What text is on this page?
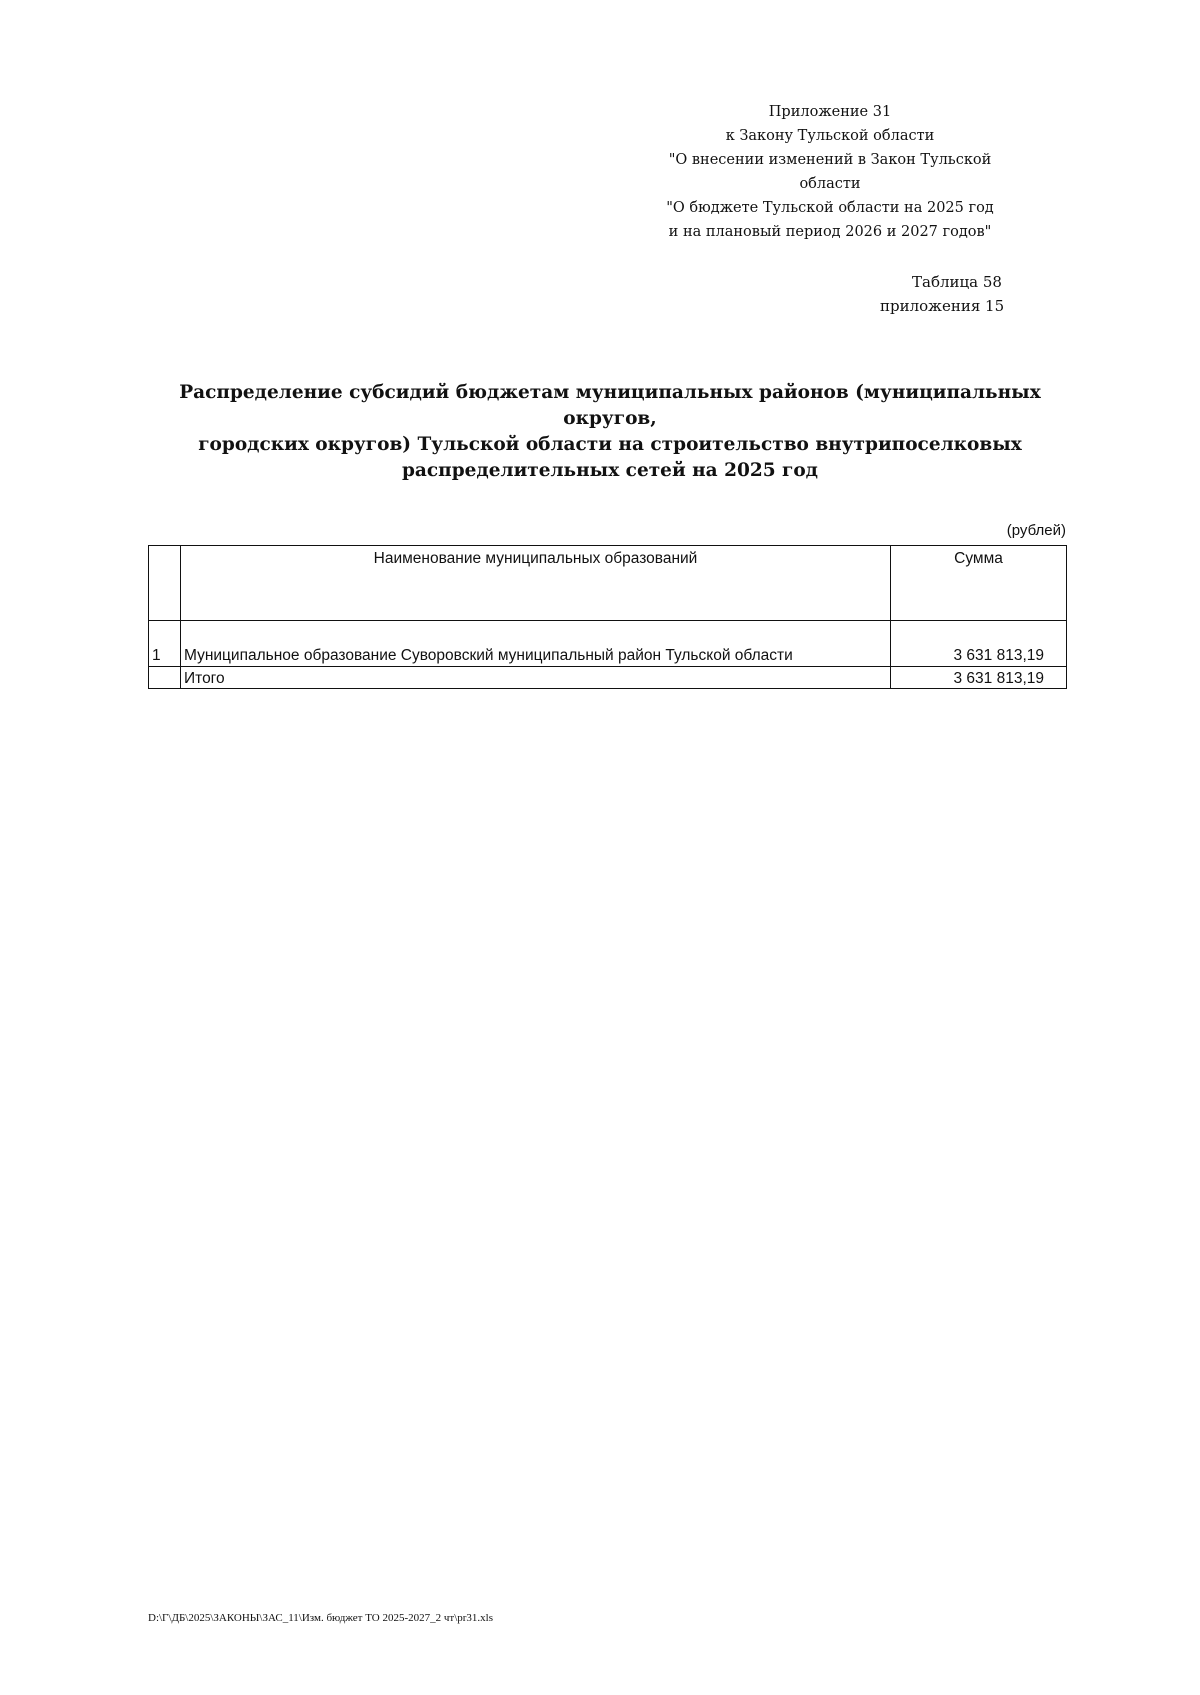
Приложение 31
к Закону Тульской области
"О внесении изменений в Закон Тульской области
"О бюджете Тульской области на 2025 год
и на плановый период 2026 и 2027 годов"
Таблица 58
приложения 15
Распределение субсидий бюджетам муниципальных районов (муниципальных округов,
городских округов) Тульской области на строительство внутрипоселковых
распределительных сетей на 2025 год
(рублей)
	Наименование муниципальных образований	Сумма
1	Муниципальное образование Суворовский муниципальный район Тульской области	3 631 813,19
	Итого	3 631 813,19
D:\Г\ДБ\2025\ЗАКОНЫ\ЗАС_11\Изм. бюджет ТО 2025-2027_2 чт\pr31.xls
